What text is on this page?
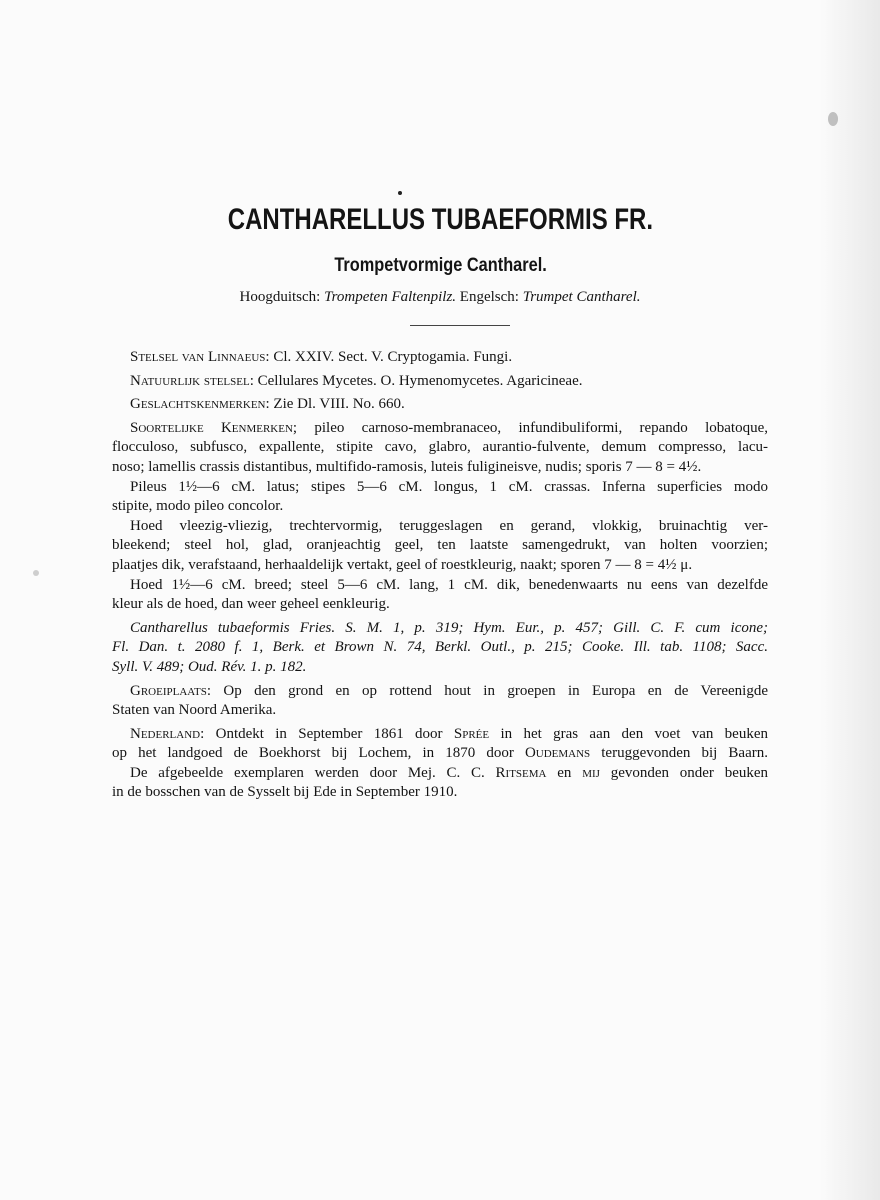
CANTHARELLUS TUBAEFORMIS FR.
Trompetvormige Cantharel.
Hoogduitsch: Trompeten Faltenpilz. Engelsch: Trumpet Cantharel.

Stelsel van Linnaeus: Cl. XXIV. Sect. V. Cryptogamia. Fungi.

Natuurlijk stelsel: Cellulares Mycetes. O. Hymenomycetes. Agaricineae.

Geslachtskenmerken: Zie Dl. VIII. No. 660.

Soortelijke Kenmerken; pileo carnoso-membranaceo, infundibuliformi, repando lobatoque,
flocculoso, subfusco, expallente, stipite cavo, glabro, aurantio-fulvente, demum compresso, lacu-
noso; lamellis crassis distantibus, multifido-ramosis, luteis fuligineisve, nudis; sporis 7 — 8 = 4½.

Pileus 1½—6 cM. latus; stipes 5—6 cM. longus, 1 cM. crassas. Inferna superficies modo
stipite, modo pileo concolor.

Hoed vleezig-vliezig, trechtervormig, teruggeslagen en gerand, vlokkig, bruinachtig ver-
bleekend; steel hol, glad, oranjeachtig geel, ten laatste samengedrukt, van holten voorzien;
plaatjes dik, verafstaand, herhaaldelijk vertakt, geel of roestkleurig, naakt; sporen 7 — 8 = 4½ μ.

Hoed 1½—6 cM. breed; steel 5—6 cM. lang, 1 cM. dik, benedenwaarts nu eens van dezelfde
kleur als de hoed, dan weer geheel eenkleurig.

Cantharellus tubaeformis Fries. S. M. 1, p. 319; Hym. Eur., p. 457; Gill. C. F. cum icone;
Fl. Dan. t. 2080 f. 1, Berk. et Brown N. 74, Berkl. Outl., p. 215; Cooke. Ill. tab. 1108; Sacc.
Syll. V. 489; Oud. Rév. 1. p. 182.

Groeiplaats: Op den grond en op rottend hout in groepen in Europa en de Vereenigde
Staten van Noord Amerika.

Nederland: Ontdekt in September 1861 door Sprée in het gras aan den voet van beuken
op het landgoed de Boekhorst bij Lochem, in 1870 door Oudemans teruggevonden bij Baarn.
De afgebeelde exemplaren werden door Mej. C. C. Ritsema en mij gevonden onder beuken
in de bosschen van de Sysselt bij Ede in September 1910.
